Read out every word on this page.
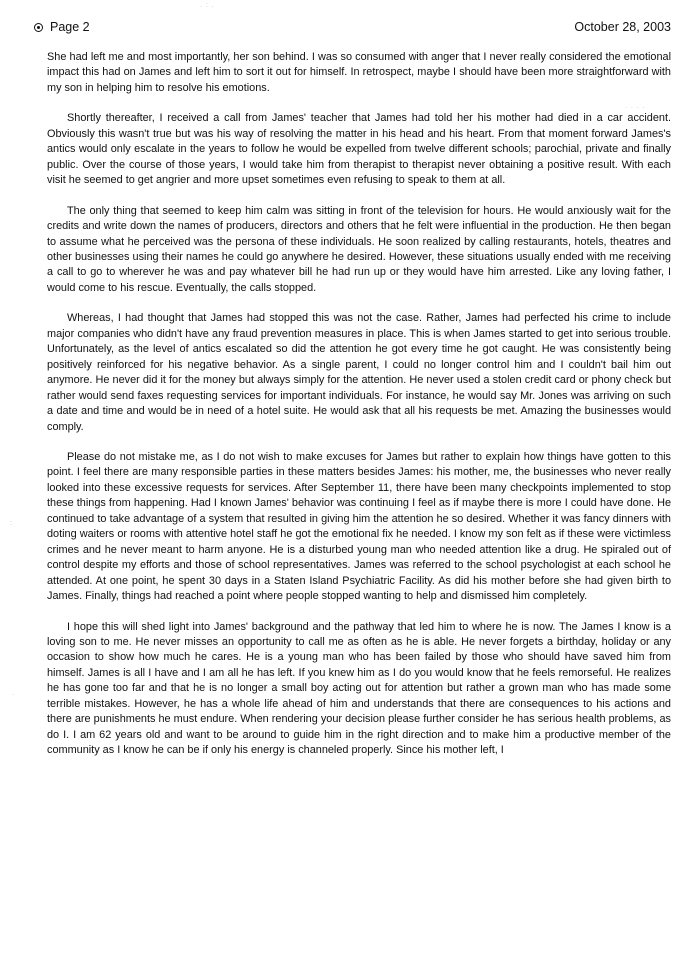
Page 2	October 28, 2003

She had left me and most importantly, her son behind. I was so consumed with anger that I never really considered the emotional impact this had on James and left him to sort it out for himself. In retrospect, maybe I should have been more straightforward with my son in helping him to resolve his emotions.

Shortly thereafter, I received a call from James' teacher that James had told her his mother had died in a car accident. Obviously this wasn't true but was his way of resolving the matter in his head and his heart. From that moment forward James's antics would only escalate in the years to follow he would be expelled from twelve different schools; parochial, private and finally public. Over the course of those years, I would take him from therapist to therapist never obtaining a positive result. With each visit he seemed to get angrier and more upset sometimes even refusing to speak to them at all.

The only thing that seemed to keep him calm was sitting in front of the television for hours. He would anxiously wait for the credits and write down the names of producers, directors and others that he felt were influential in the production. He then began to assume what he perceived was the persona of these individuals. He soon realized by calling restaurants, hotels, theatres and other businesses using their names he could go anywhere he desired. However, these situations usually ended with me receiving a call to go to wherever he was and pay whatever bill he had run up or they would have him arrested. Like any loving father, I would come to his rescue. Eventually, the calls stopped.

Whereas, I had thought that James had stopped this was not the case. Rather, James had perfected his crime to include major companies who didn't have any fraud prevention measures in place. This is when James started to get into serious trouble. Unfortunately, as the level of antics escalated so did the attention he got every time he got caught. He was consistently being positively reinforced for his negative behavior. As a single parent, I could no longer control him and I couldn't bail him out anymore. He never did it for the money but always simply for the attention. He never used a stolen credit card or phony check but rather would send faxes requesting services for important individuals. For instance, he would say Mr. Jones was arriving on such a date and time and would be in need of a hotel suite. He would ask that all his requests be met. Amazing the businesses would comply.

Please do not mistake me, as I do not wish to make excuses for James but rather to explain how things have gotten to this point. I feel there are many responsible parties in these matters besides James: his mother, me, the businesses who never really looked into these excessive requests for services. After September 11, there have been many checkpoints implemented to stop these things from happening. Had I known James' behavior was continuing I feel as if maybe there is more I could have done. He continued to take advantage of a system that resulted in giving him the attention he so desired. Whether it was fancy dinners with doting waiters or rooms with attentive hotel staff he got the emotional fix he needed. I know my son felt as if these were victimless crimes and he never meant to harm anyone. He is a disturbed young man who needed attention like a drug. He spiraled out of control despite my efforts and those of school representatives. James was referred to the school psychologist at each school he attended. At one point, he spent 30 days in a Staten Island Psychiatric Facility. As did his mother before she had given birth to James. Finally, things had reached a point where people stopped wanting to help and dismissed him completely.

I hope this will shed light into James' background and the pathway that led him to where he is now. The James I know is a loving son to me. He never misses an opportunity to call me as often as he is able. He never forgets a birthday, holiday or any occasion to show how much he cares. He is a young man who has been failed by those who should have saved him from himself. James is all I have and I am all he has left. If you knew him as I do you would know that he feels remorseful. He realizes he has gone too far and that he is no longer a small boy acting out for attention but rather a grown man who has made some terrible mistakes. However, he has a whole life ahead of him and understands that there are consequences to his actions and there are punishments he must endure. When rendering your decision please further consider he has serious health problems, as do I. I am 62 years old and want to be around to guide him in the right direction and to make him a productive member of the community as I know he can be if only his energy is channeled properly. Since his mother left, I

. : .
. . . .
:
.
